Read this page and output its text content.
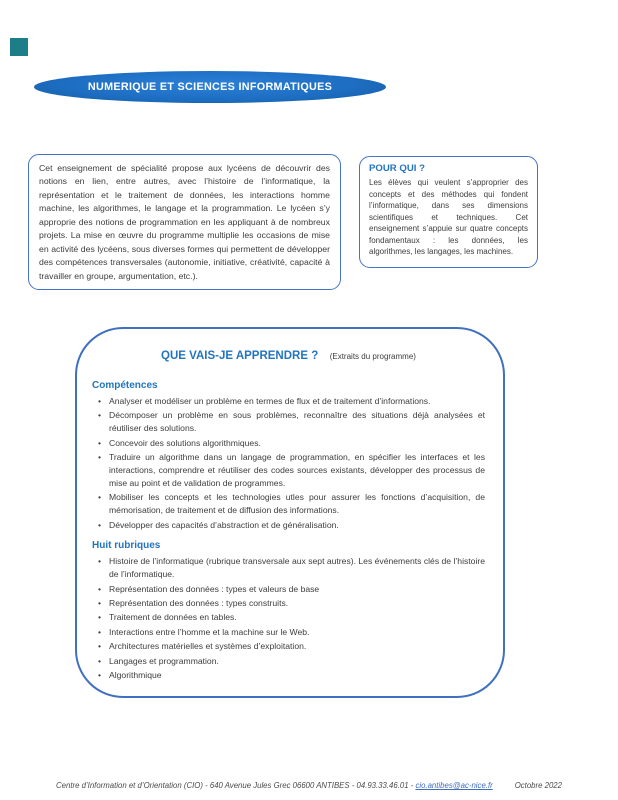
NUMERIQUE ET SCIENCES INFORMATIQUES

Cet enseignement de spécialité propose aux lycéens de découvrir des notions en lien, entre autres, avec l’histoire de l’informatique, la représentation et le traitement de données, les interactions homme machine, les algorithmes, le langage et la programmation. Le lycéen s’y approprie des notions de programmation en les appliquant à de nombreux projets. La mise en œuvre du programme multiplie les occasions de mise en activité des lycéens, sous diverses formes qui permettent de développer des compétences transversales (autonomie, initiative, créativité, capacité à travailler en groupe, argumentation, etc.).

POUR QUI ?

Les élèves qui veulent s’approprier des concepts et des méthodes qui fondent l’informatique, dans ses dimensions scientifiques et techniques. Cet enseignement s’appuie sur quatre concepts fondamentaux : les données, les algorithmes, les langages, les machines.

QUE VAIS-JE APPRENDRE ? (Extraits du programme)
Compétences
• Analyser et modéliser un problème en termes de flux et de traitement d’informations.
• Décomposer un problème en sous problèmes, reconnaître des situations déjà analysées et réutiliser des solutions.
• Concevoir des solutions algorithmiques.
• Traduire un algorithme dans un langage de programmation, en spécifier les interfaces et les interactions, comprendre et réutiliser des codes sources existants, développer des processus de mise au point et de validation de programmes.
• Mobiliser les concepts et les technologies utles pour assurer les fonctions d’acquisition, de mémorisation, de traitement et de diffusion des informations.
• Développer des capacités d’abstraction et de généralisation.
Huit rubriques
• Histoire de l’informatique (rubrique transversale aux sept autres). Les événements clés de l’histoire de l’informatique.
• Représentation des données : types et valeurs de base
• Représentation des données : types construits.
• Traitement de données en tables.
• Interactions entre l’homme et la machine sur le Web.
• Architectures matérielles et systèmes d’exploitation.
• Langages et programmation.
• Algorithmique
Centre d’Information et d’Orientation (CIO) - 640 Avenue Jules Grec 06600 ANTIBES - 04.93.33.46.01 - cio.antibes@ac-nice.fr	Octobre 2022
